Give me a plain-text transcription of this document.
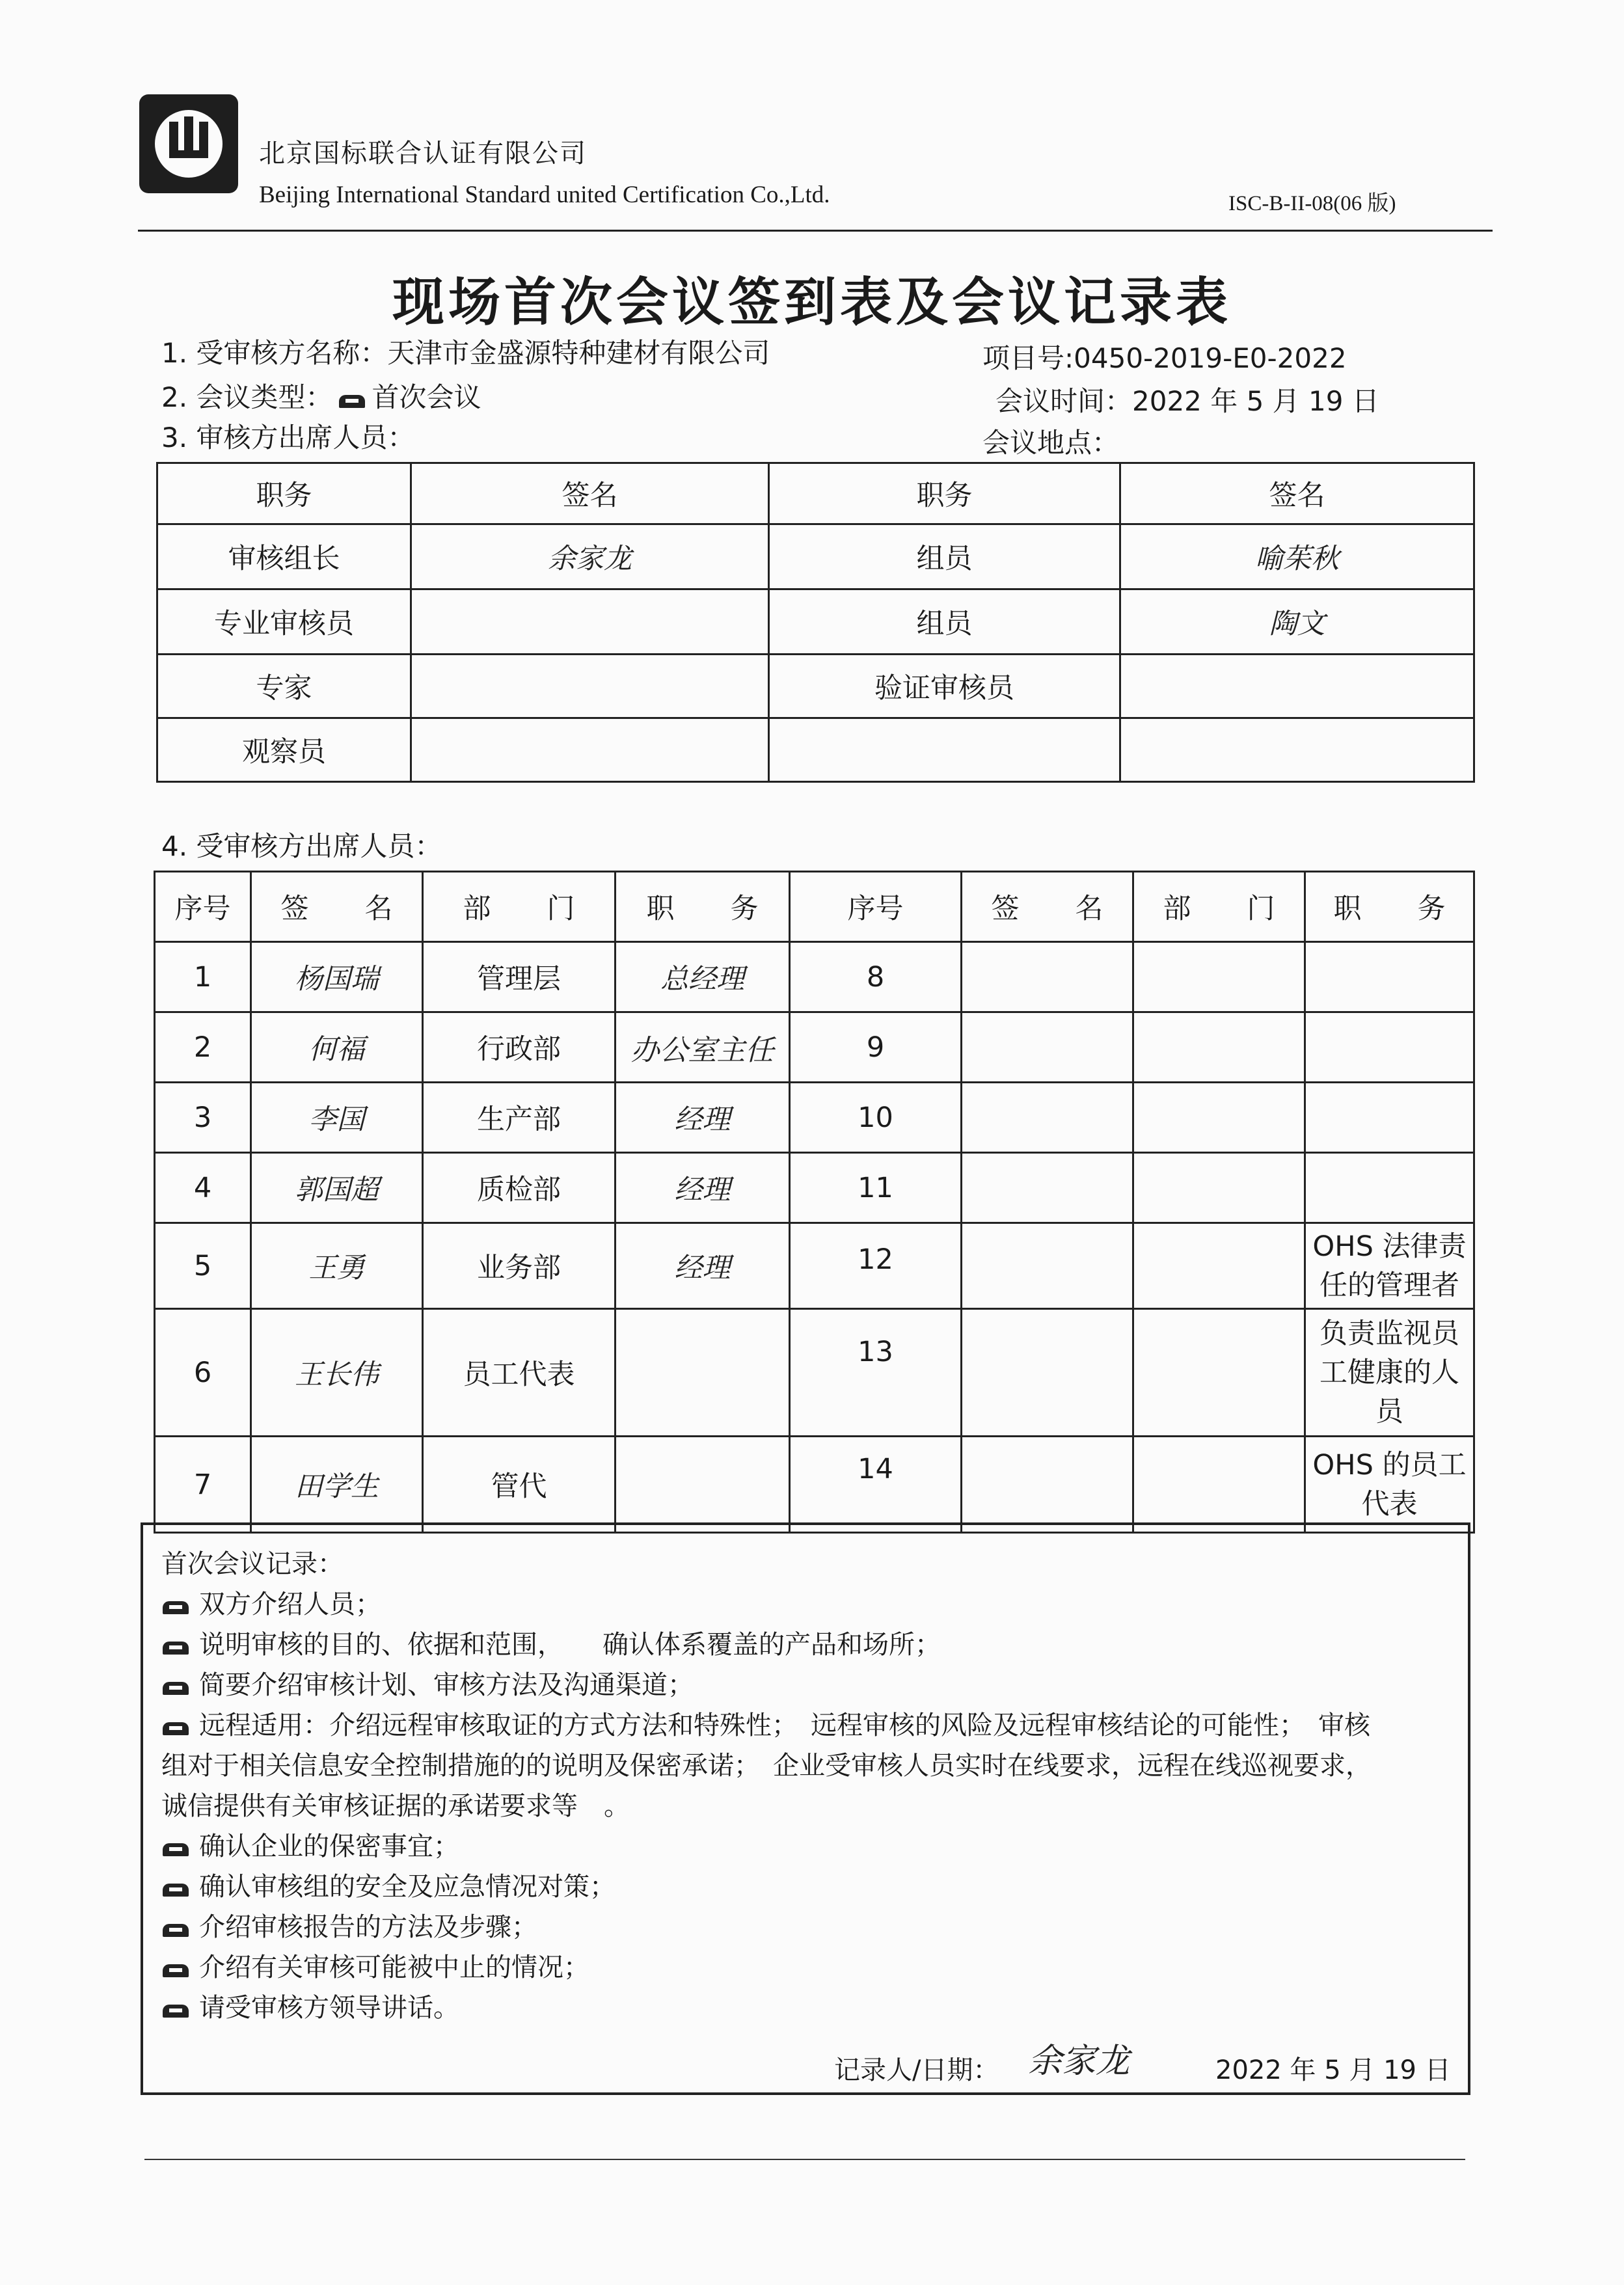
北京国标联合认证有限公司
Beijing International Standard united Certification Co.,Ltd.	ISC-B-II-08(06 版)
现场首次会议签到表及会议记录表
1. 受审核方名称：天津市金盛源特种建材有限公司	项目号:0450-2019-E0-2022
2. 会议类型： 首次会议	会议时间：2022 年 5 月 19 日
3. 审核方出席人员：	会议地点：
职务	签名	职务	签名
审核组长	余家龙	组员	喻茱秋
专业审核员		组员	陶文
专家		验证审核员	
观察员			
4. 受审核方出席人员：
序号	签　　名	部　　门	职　　务	序号	签　　名	部　　门	职　　务
1	杨国瑞	管理层	总经理	8			
2	何福	行政部	办公室主任	9			
3	李国	生产部	经理	10			
4	郭国超	质检部	经理	11			
5	王勇	业务部	经理	12			OHS 法律责任的管理者
6	王长伟	员工代表		13			负责监视员工健康的人员
7	田学生	管代		14			OHS 的员工代表
首次会议记录：
双方介绍人员；
说明审核的目的、依据和范围，　　确认体系覆盖的产品和场所；
简要介绍审核计划、审核方法及沟通渠道；
远程适用：介绍远程审核取证的方式方法和特殊性；　远程审核的风险及远程审核结论的可能性；　审核
组对于相关信息安全控制措施的的说明及保密承诺；　企业受审核人员实时在线要求，远程在线巡视要求，
诚信提供有关审核证据的承诺要求等　。
确认企业的保密事宜；
确认审核组的安全及应急情况对策；
介绍审核报告的方法及步骤；
介绍有关审核可能被中止的情况；
请受审核方领导讲话。
记录人/日期： 余家龙	2022 年 5 月 19 日
